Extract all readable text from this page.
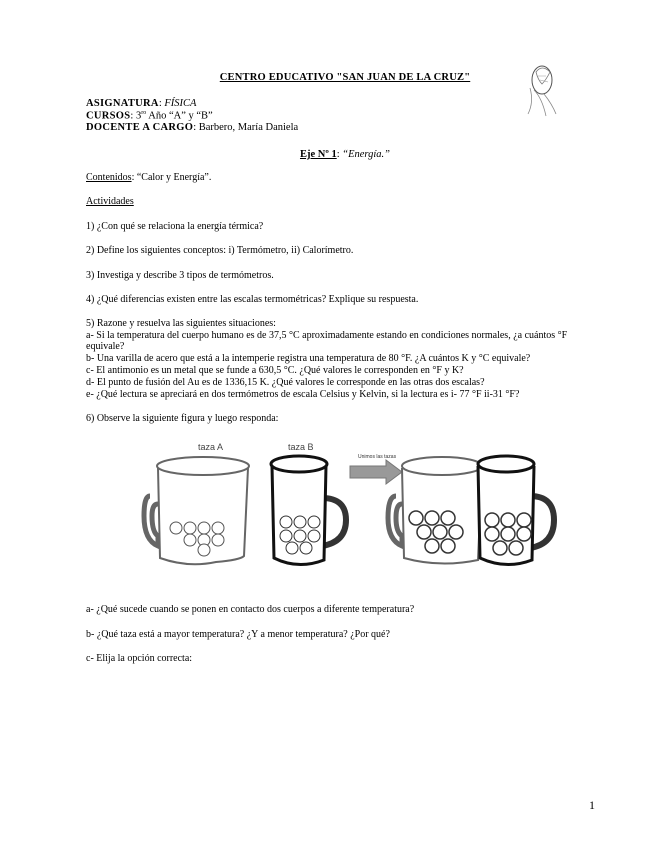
CENTRO EDUCATIVO "SAN JUAN DE LA CRUZ"
ASIGNATURA: FÍSICA
CURSOS: $3^{ro}$ Año “A” y “B”
DOCENTE A CARGO: Barbero, María Daniela
Eje Nº 1: “Energía.”
Contenidos: “Calor y Energía”.
Actividades
1) ¿Con qué se relaciona la energía térmica?
2) Define los siguientes conceptos: i) Termómetro, ii) Calorímetro.
3) Investiga y describe 3 tipos de termómetros.
4) ¿Qué diferencias existen entre las escalas termométricas? Explique su respuesta.
5) Razone y resuelva las siguientes situaciones:
a- Si la temperatura del cuerpo humano es de 37,5 °C aproximadamente estando en condiciones normales, ¿a cuántos °F equivale?
b- Una varilla de acero que está a la intemperie registra una temperatura de 80 °F. ¿A cuántos K y °C equivale?
c- El antimonio es un metal que se funde a 630,5 °C. ¿Qué valores le corresponden en °F y K?
d- El punto de fusión del Au es de 1336,15 K. ¿Qué valores le corresponde en las otras dos escalas?
e- ¿Qué lectura se apreciará en dos termómetros de escala Celsius y Kelvin, si la lectura es i- 77 °F ii-31 °F?
6) Observe la siguiente figura y luego responda:
taza A	taza B
Unimos las tazas
a- ¿Qué sucede cuando se ponen en contacto dos cuerpos a diferente temperatura?
b- ¿Qué taza está a mayor temperatura? ¿Y a menor temperatura? ¿Por qué?
c- Elija la opción correcta:
1
